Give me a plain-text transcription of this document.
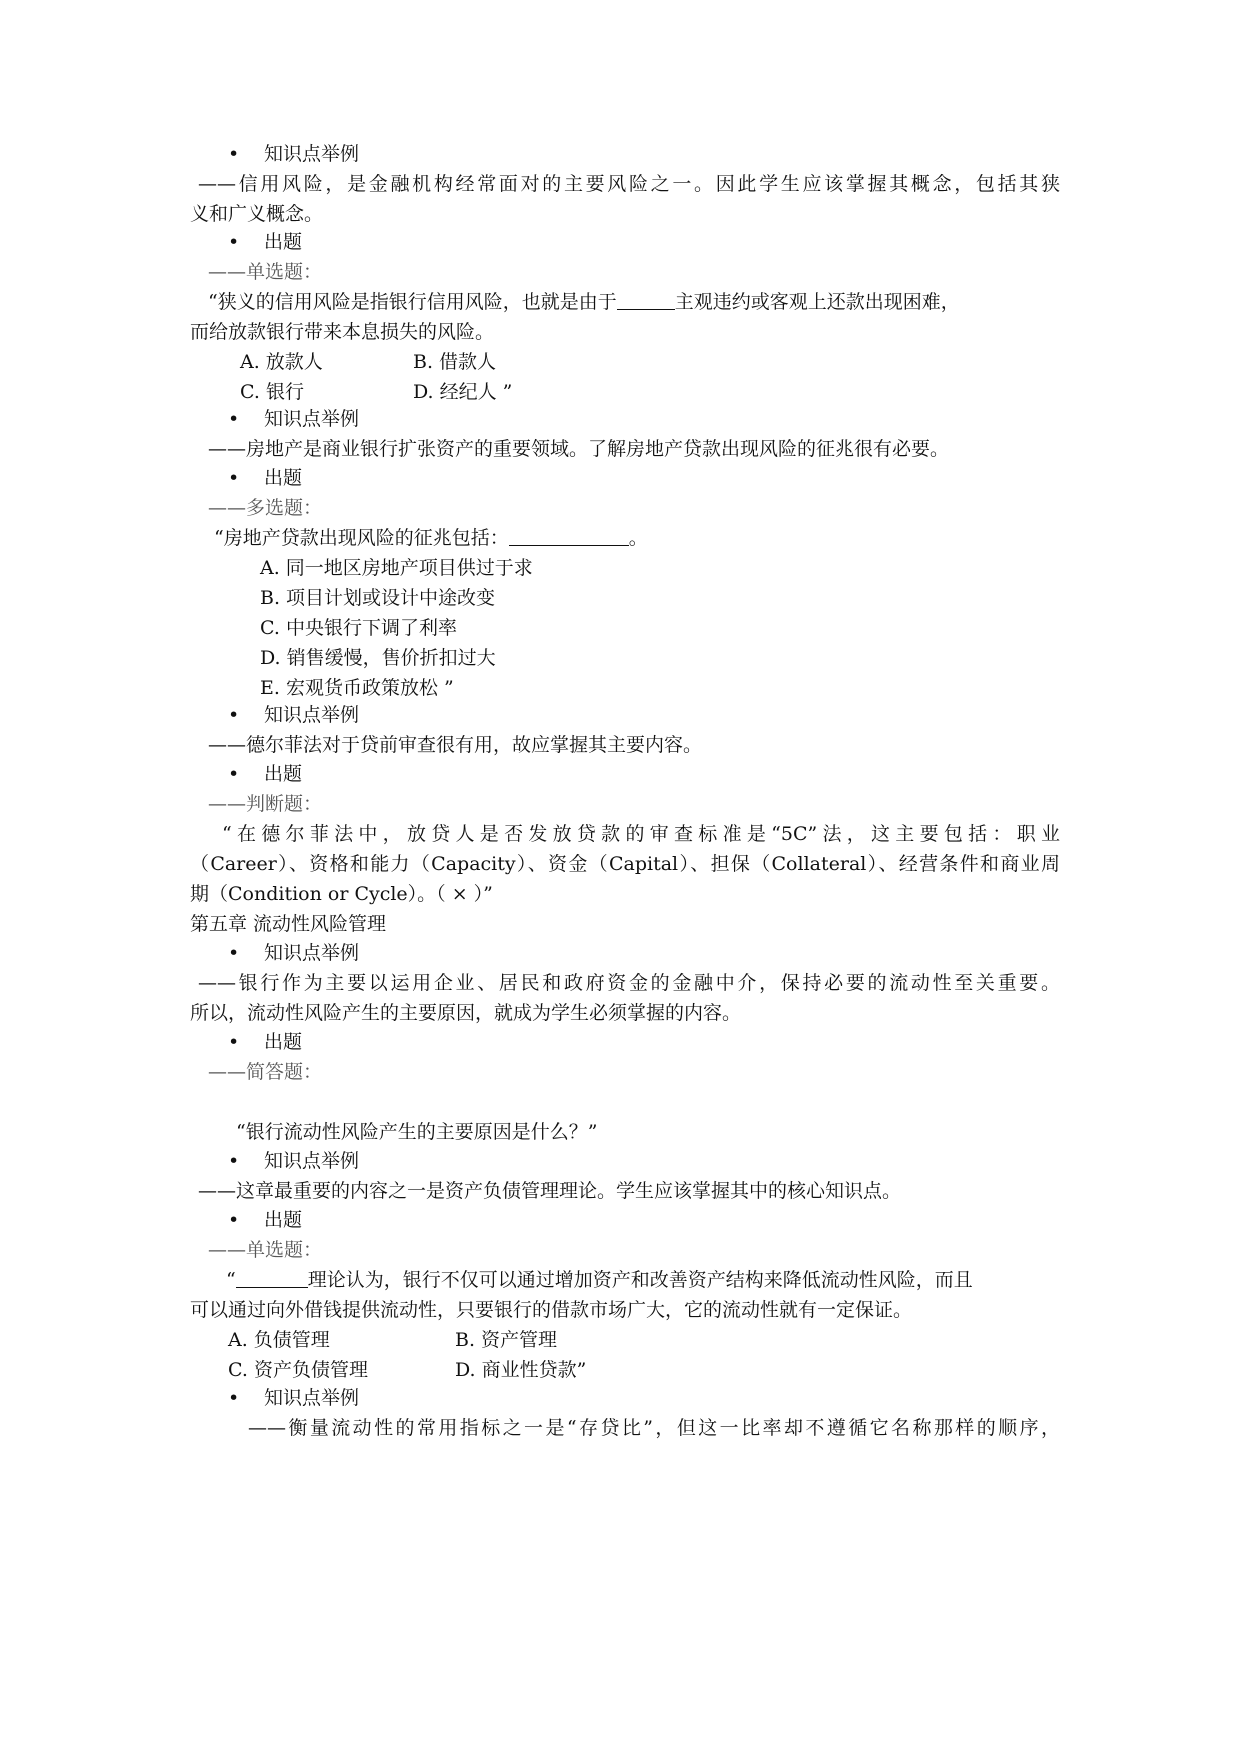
• 知识点举例
——信用风险，是金融机构经常面对的主要风险之一。因此学生应该掌握其概念，包括其狭
义和广义概念。
• 出题
——单选题：
“狭义的信用风险是指银行信用风险，也就是由于	主观违约或客观上还款出现困难，
而给放款银行带来本息损失的风险。
A. 放款人	B. 借款人
C. 银行	D. 经纪人 ”
• 知识点举例
——房地产是商业银行扩张资产的重要领域。了解房地产贷款出现风险的征兆很有必要。
• 出题
——多选题：
“房地产贷款出现风险的征兆包括：	。
A. 同一地区房地产项目供过于求
B. 项目计划或设计中途改变
C. 中央银行下调了利率
D. 销售缓慢，售价折扣过大
E. 宏观货币政策放松 ”
• 知识点举例
——德尔菲法对于贷前审查很有用，故应掌握其主要内容。
• 出题
——判断题：
“在德尔菲法中，放贷人是否发放贷款的审查标准是“5C”法，这主要包括：职业
（Career）、资格和能力（Capacity）、资金（Capital）、担保（Collateral）、经营条件和商业周
期（Condition or Cycle）。（ × ）”
第五章 流动性风险管理
• 知识点举例
——银行作为主要以运用企业、居民和政府资金的金融中介，保持必要的流动性至关重要。
所以，流动性风险产生的主要原因，就成为学生必须掌握的内容。
• 出题
——简答题：
“银行流动性风险产生的主要原因是什么？”
• 知识点举例
——这章最重要的内容之一是资产负债管理理论。学生应该掌握其中的核心知识点。
• 出题
——单选题：
“	理论认为，银行不仅可以通过增加资产和改善资产结构来降低流动性风险，而且
可以通过向外借钱提供流动性，只要银行的借款市场广大，它的流动性就有一定保证。
A. 负债管理	B. 资产管理
C. 资产负债管理	D. 商业性贷款”
• 知识点举例
——衡量流动性的常用指标之一是“存贷比”，但这一比率却不遵循它名称那样的顺序，
